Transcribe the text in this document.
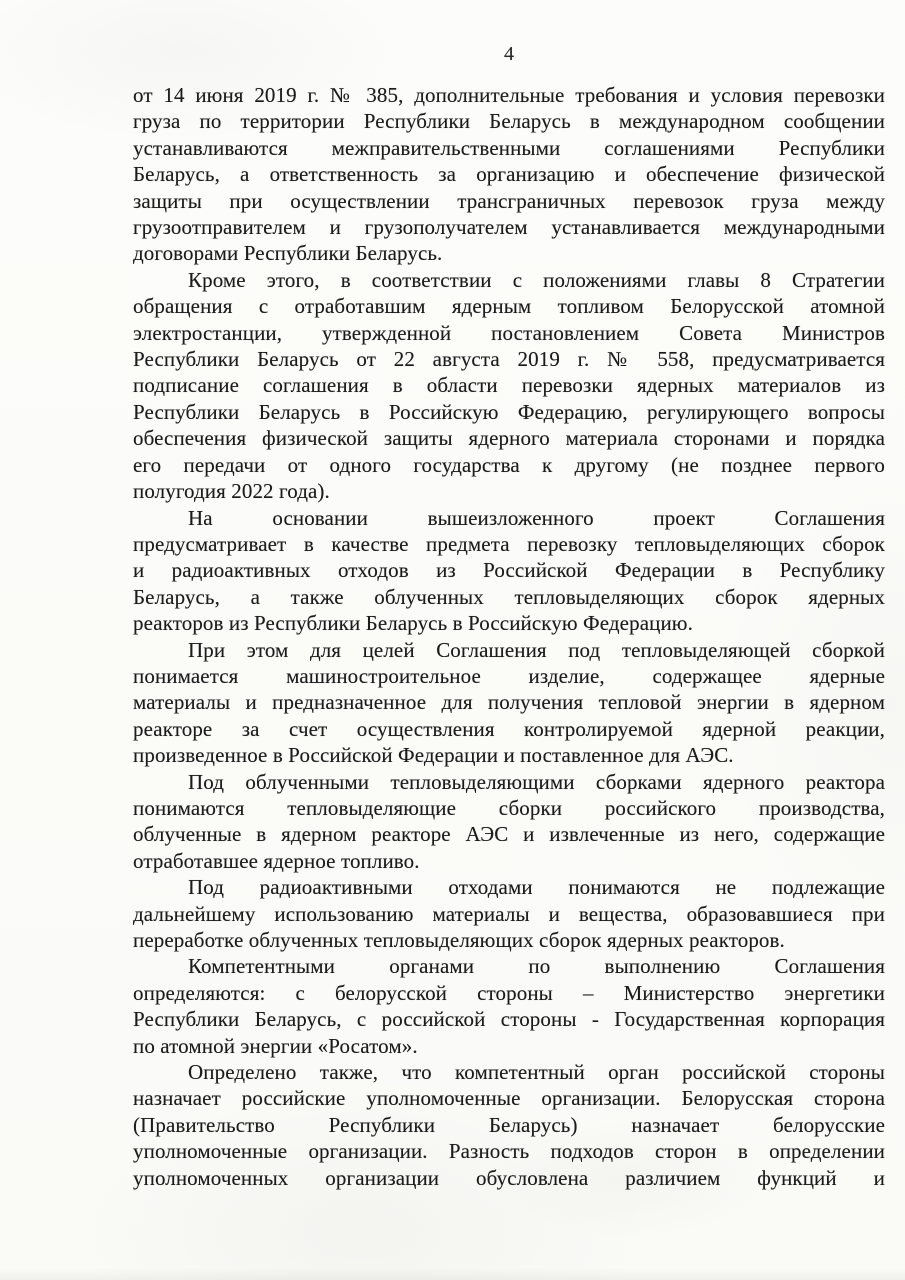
4
от 14 июня 2019 г. № 385, дополнительные требования и условия перевозки
груза по территории Республики Беларусь в международном сообщении
устанавливаются межправительственными соглашениями Республики
Беларусь, а ответственность за организацию и обеспечение физической
защиты при осуществлении трансграничных перевозок груза между
грузоотправителем и грузополучателем устанавливается международными
договорами Республики Беларусь.
Кроме этого, в соответствии с положениями главы 8 Стратегии
обращения с отработавшим ядерным топливом Белорусской атомной
электростанции, утвержденной постановлением Совета Министров
Республики Беларусь от 22 августа 2019 г. № 558, предусматривается
подписание соглашения в области перевозки ядерных материалов из
Республики Беларусь в Российскую Федерацию, регулирующего вопросы
обеспечения физической защиты ядерного материала сторонами и порядка
его передачи от одного государства к другому (не позднее первого
полугодия 2022 года).
На основании вышеизложенного проект Соглашения
предусматривает в качестве предмета перевозку тепловыделяющих сборок
и радиоактивных отходов из Российской Федерации в Республику
Беларусь, а также облученных тепловыделяющих сборок ядерных
реакторов из Республики Беларусь в Российскую Федерацию.
При этом для целей Соглашения под тепловыделяющей сборкой
понимается машиностроительное изделие, содержащее ядерные
материалы и предназначенное для получения тепловой энергии в ядерном
реакторе за счет осуществления контролируемой ядерной реакции,
произведенное в Российской Федерации и поставленное для АЭС.
Под облученными тепловыделяющими сборками ядерного реактора
понимаются тепловыделяющие сборки российского производства,
облученные в ядерном реакторе АЭС и извлеченные из него, содержащие
отработавшее ядерное топливо.
Под радиоактивными отходами понимаются не подлежащие
дальнейшему использованию материалы и вещества, образовавшиеся при
переработке облученных тепловыделяющих сборок ядерных реакторов.
Компетентными органами по выполнению Соглашения
определяются: с белорусской стороны – Министерство энергетики
Республики Беларусь, с российской стороны - Государственная корпорация
по атомной энергии «Росатом».
Определено также, что компетентный орган российской стороны
назначает российские уполномоченные организации. Белорусская сторона
(Правительство Республики Беларусь) назначает белорусские
уполномоченные организации. Разность подходов сторон в определении
уполномоченных организации обусловлена различием функций и
